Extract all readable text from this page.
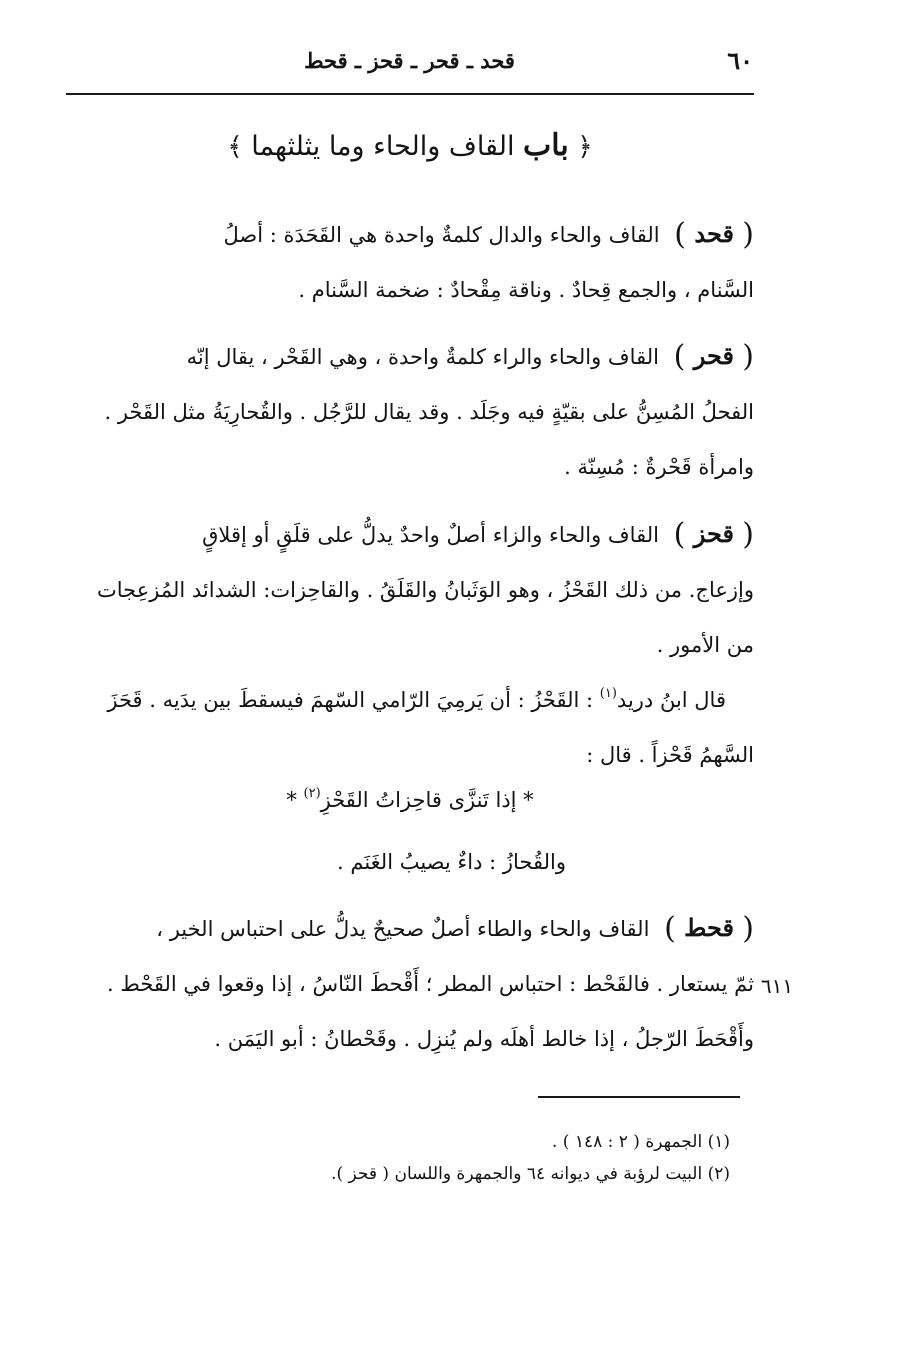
٦٠
قحد ـ قحر ـ قحز ـ قحط
﴿ باب القاف والحاء وما يثلثهما ﴾
( قحد ) القاف والحاء والدال كلمةٌ واحدة هي القَحَدَة : أصلُ
السَّنام ، والجمع قِحادٌ . وناقة مِقْحادٌ : ضخمة السَّنام .
( قحر ) القاف والحاء والراء كلمةٌ واحدة ، وهي القَحْر ، يقال إنّه
الفحلُ المُسِنُّ على بقيّةٍ فيه وجَلَد . وقد يقال للرَّجُل . والقُحارِيَةُ مثل القَحْر .
وامرأة قَحْرةٌ : مُسِنّة .
( قحز ) القاف والحاء والزاء أصلٌ واحدٌ يدلُّ على قلَقٍ أو إقلاقٍ
وإزعاج. من ذلك القَحْزُ ، وهو الوَثَبانُ والقَلَقُ . والقاحِزات: الشدائد المُزعِجات
من الأمور .
قال ابنُ دريد$^{(١)}$ : القَحْزُ : أن يَرمِيَ الرّامي السّهمَ فيسقطَ بين يدَيه . قَحَزَ
السَّهمُ قَحْزاً . قال :
* إذا تَنزَّى قاحِزاتُ القَحْزِ$^{(٢)}$ *
والقُحازُ : داءٌ يصيبُ الغَنَم .
( قحط ) القاف والحاء والطاء أصلٌ صحيحٌ يدلُّ على احتباس الخير ،
ثمّ يستعار . فالقَحْط : احتباس المطر ؛ أَقْحطَ النّاسُ ، إذا وقعوا في القَحْط .
وأَقْحَطَ الرّجلُ ، إذا خالط أهلَه ولم يُنزِل . وقَحْطانُ : أبو اليَمَن .
٦١١
(١) الجمهرة ( ٢ : ١٤٨ ) .
(٢) البيت لرؤبة في ديوانه ٦٤ والجمهرة واللسان ( قحز ).
